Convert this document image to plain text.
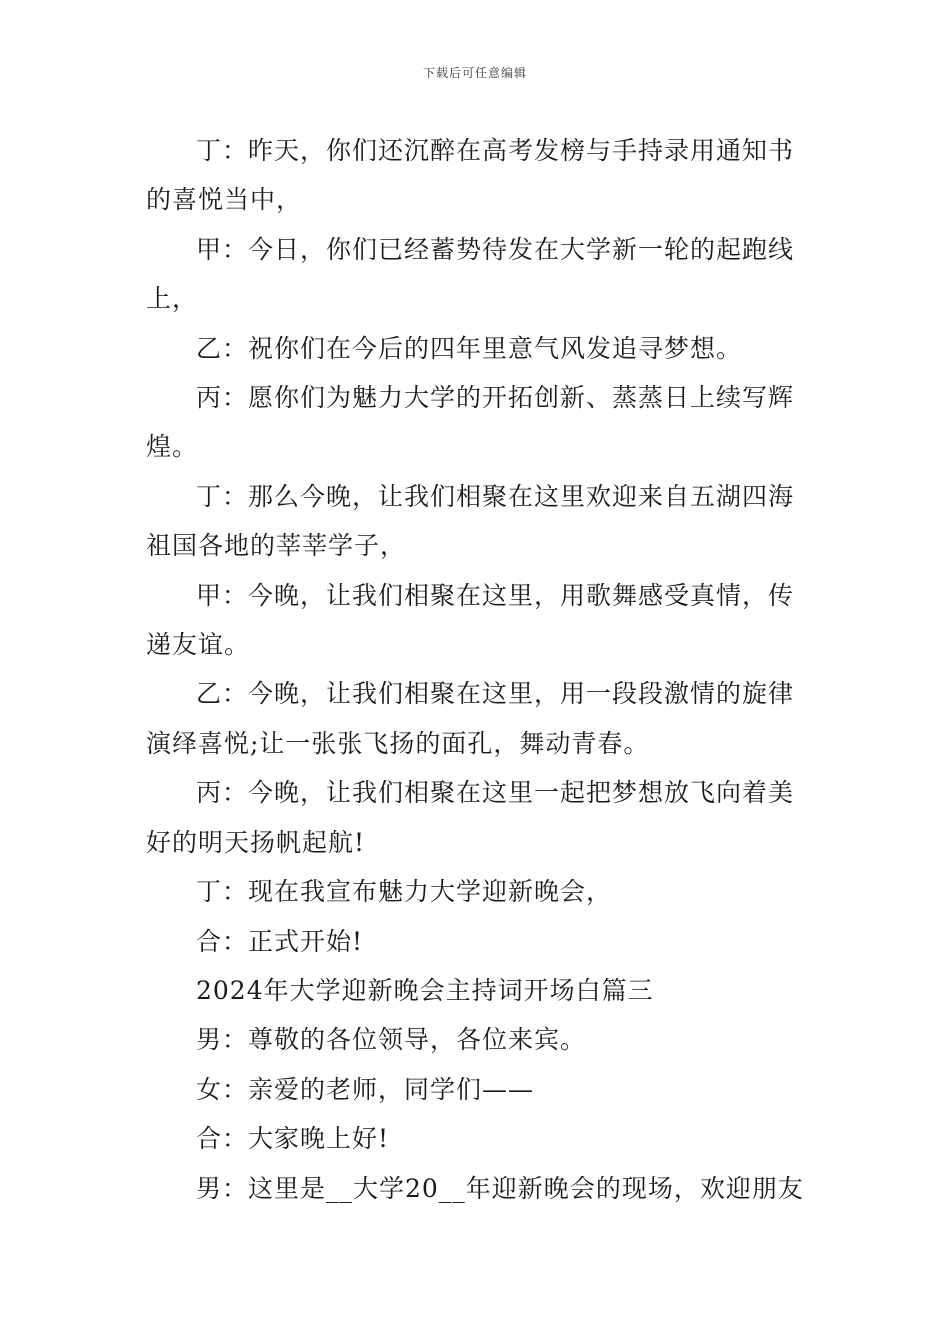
下载后可任意编辑

丁：昨天，你们还沉醉在高考发榜与手持录用通知书的喜悦当中，

甲：今日，你们已经蓄势待发在大学新一轮的起跑线上，

乙：祝你们在今后的四年里意气风发追寻梦想。

丙：愿你们为魅力大学的开拓创新、蒸蒸日上续写辉煌。

丁：那么今晚，让我们相聚在这里欢迎来自五湖四海祖国各地的莘莘学子，

甲：今晚，让我们相聚在这里，用歌舞感受真情，传递友谊。

乙：今晚，让我们相聚在这里，用一段段激情的旋律演绎喜悦;让一张张飞扬的面孔，舞动青春。

丙：今晚，让我们相聚在这里一起把梦想放飞向着美好的明天扬帆起航!

丁：现在我宣布魅力大学迎新晚会，

合：正式开始!

2024年大学迎新晚会主持词开场白篇三

男：尊敬的各位领导，各位来宾。

女：亲爱的老师，同学们——

合：大家晚上好!

男：这里是__大学20__年迎新晚会的现场，欢迎朋友
